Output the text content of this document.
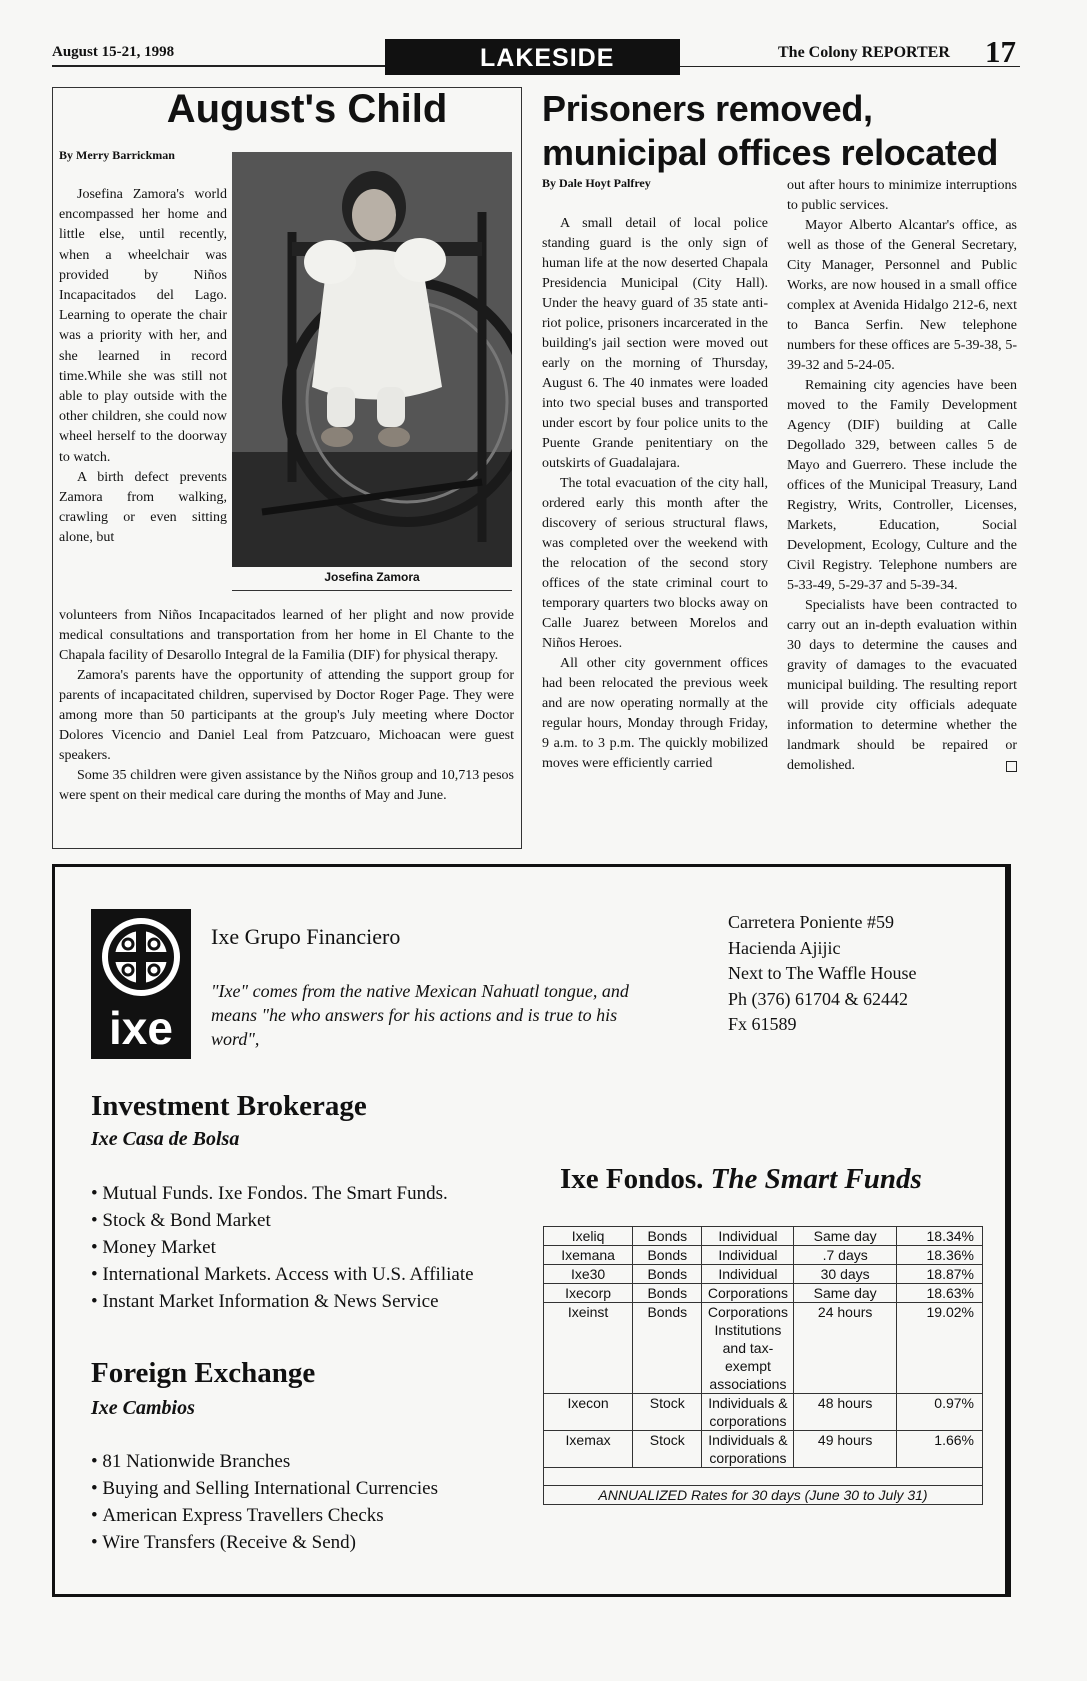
August 15-21, 1998	LAKESIDE	The Colony REPORTER 17
August's Child
By Merry Barrickman
Josefina Zamora

Josefina Zamora's world encompassed her home and little else, until recently, when a wheelchair was provided by Niños Incapacitados del Lago. Learning to operate the chair was a priority with her, and she learned in record time.While she was still not able to play outside with the other children, she could now wheel herself to the doorway to watch.

A birth defect prevents Zamora from walking, crawling or even sitting alone, but

volunteers from Niños Incapacitados learned of her plight and now provide medical consultations and transportation from her home in El Chante to the Chapala facility of Desarollo Integral de la Familia (DIF) for physical therapy.

Zamora's parents have the opportunity of attending the support group for parents of incapacitated children, supervised by Doctor Roger Page. They were among more than 50 participants at the group's July meeting where Doctor Dolores Vicencio and Daniel Leal from Patzcuaro, Michoacan were guest speakers.

Some 35 children were given assistance by the Niños group and 10,713 pesos were spent on their medical care during the months of May and June.

Prisoners removed,
municipal offices relocated
By Dale Hoyt Palfrey

A small detail of local police standing guard is the only sign of human life at the now deserted Chapala Presidencia Municipal (City Hall). Under the heavy guard of 35 state anti-riot police, prisoners incarcerated in the building's jail section were moved out early on the morning of Thursday, August 6. The 40 inmates were loaded into two special buses and transported under escort by four police units to the Puente Grande penitentiary on the outskirts of Guadalajara.

The total evacuation of the city hall, ordered early this month after the discovery of serious structural flaws, was completed over the weekend with the relocation of the second story offices of the state criminal court to temporary quarters two blocks away on Calle Juarez between Morelos and Niños Heroes.

All other city government offices had been relocated the previous week and are now operating normally at the regular hours, Monday through Friday, 9 a.m. to 3 p.m. The quickly mobilized moves were efficiently carried

out after hours to minimize interruptions to public services.

Mayor Alberto Alcantar's office, as well as those of the General Secretary, City Manager, Personnel and Public Works, are now housed in a small office complex at Avenida Hidalgo 212-6, next to Banca Serfin. New telephone numbers for these offices are 5-39-38, 5-39-32 and 5-24-05.

Remaining city agencies have been moved to the Family Development Agency (DIF) building at Calle Degollado 329, between calles 5 de Mayo and Guerrero. These include the offices of the Municipal Treasury, Land Registry, Writs, Controller, Licenses, Markets, Education, Social Development, Ecology, Culture and the Civil Registry. Telephone numbers are 5-33-49, 5-29-37 and 5-39-34.

Specialists have been contracted to carry out an in-depth evaluation within 30 days to determine the causes and gravity of damages to the evacuated municipal building. The resulting report will provide city officials adequate information to determine whether the landmark should be repaired or demolished.

ixe
Ixe Grupo Financiero
"Ixe" comes from the native Mexican Nahuatl tongue, and means "he who answers for his actions and is true to his word",
Carretera Poniente #59
Hacienda Ajijic
Next to The Waffle House
Ph (376) 61704 & 62442
Fx 61589
Investment Brokerage
Ixe Casa de Bolsa
• Mutual Funds. Ixe Fondos. The Smart Funds.
• Stock & Bond Market
• Money Market
• International Markets. Access with U.S. Affiliate
• Instant Market Information & News Service
Foreign Exchange
Ixe Cambios
• 81 Nationwide Branches
• Buying and Selling International Currencies
• American Express Travellers Checks
• Wire Transfers (Receive & Send)
Ixe Fondos. The Smart Funds
Ixeliq	Bonds	Individual	Same day	18.34%
Ixemana	Bonds	Individual	.7 days	18.36%
Ixe30	Bonds	Individual	30 days	18.87%
Ixecorp	Bonds	Corporations	Same day	18.63%
Ixeinst	Bonds	Corporations Institutions and tax-exempt associations	24 hours	19.02%
Ixecon	Stock	Individuals & corporations	48 hours	0.97%
Ixemax	Stock	Individuals & corporations	49 hours	1.66%

ANNUALIZED Rates for 30 days (June 30 to July 31)				
